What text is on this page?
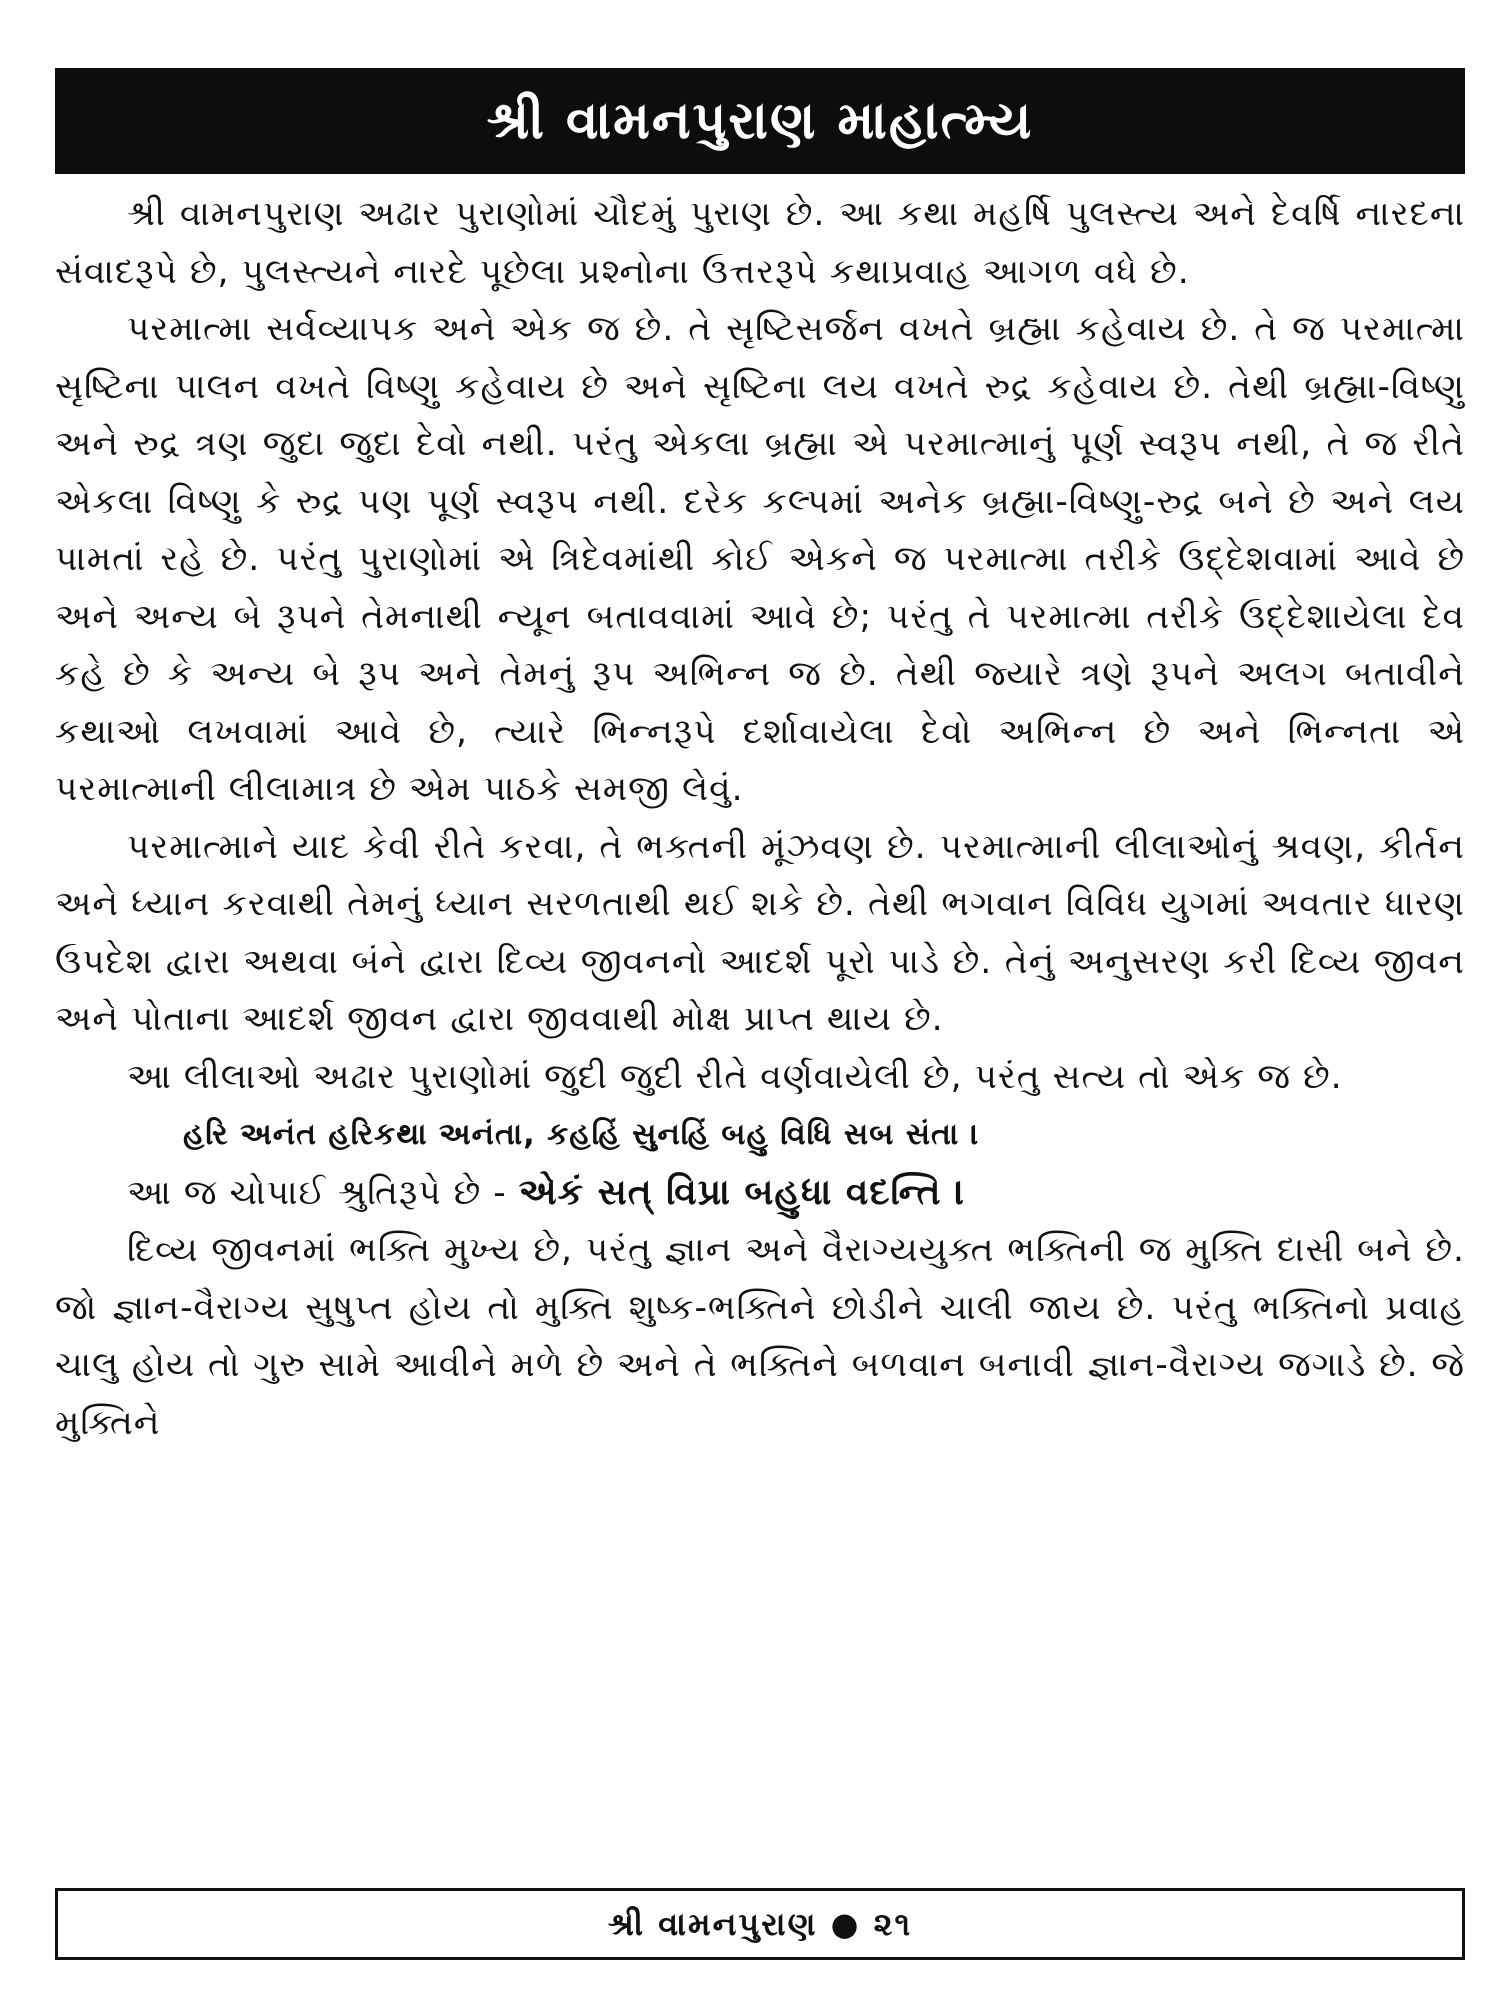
શ્રી વામનપુરાણ માહાત્મ્ય

શ્રી વામનપુરાણ અઢાર પુરાણોમાં ચૌદમું પુરાણ છે. આ કથા મહર્ષિ પુલસ્ત્ય અને દેવર્ષિ નારદના સંવાદરૂપે છે, પુલસ્ત્યને નારદે પૂછેલા પ્રશ્નોના ઉત્તરરૂપે કથાપ્રવાહ આગળ વધે છે.

પરમાત્મા સર્વવ્યાપક અને એક જ છે. તે સૃષ્ટિસર્જન વખતે બ્રહ્મા કહેવાય છે. તે જ પરમાત્મા સૃષ્ટિના પાલન વખતે વિષ્ણુ કહેવાય છે અને સૃષ્ટિના લય વખતે રુદ્ર કહેવાય છે. તેથી બ્રહ્મા-વિષ્ણુ અને રુદ્ર ત્રણ જુદા જુદા દેવો નથી. પરંતુ એકલા બ્રહ્મા એ પરમાત્માનું પૂર્ણ સ્વરૂપ નથી, તે જ રીતે એકલા વિષ્ણુ કે રુદ્ર પણ પૂર્ણ સ્વરૂપ નથી. દરેક કલ્પમાં અનેક બ્રહ્મા-વિષ્ણુ-રુદ્ર બને છે અને લય પામતાં રહે છે. પરંતુ પુરાણોમાં એ ત્રિદેવમાંથી કોઈ એકને જ પરમાત્મા તરીકે ઉદ્દેશવામાં આવે છે અને અન્ય બે રૂપને તેમનાથી ન્યૂન બતાવવામાં આવે છે; પરંતુ તે પરમાત્મા તરીકે ઉદ્દેશાયેલા દેવ કહે છે કે અન્ય બે રૂપ અને તેમનું રૂપ અભિન્ન જ છે. તેથી જ્યારે ત્રણે રૂપને અલગ બતાવીને કથાઓ લખવામાં આવે છે, ત્યારે ભિન્નરૂપે દર્શાવાયેલા દેવો અભિન્ન છે અને ભિન્નતા એ પરમાત્માની લીલામાત્ર છે એમ પાઠકે સમજી લેવું.

પરમાત્માને યાદ કેવી રીતે કરવા, તે ભક્તની મૂંઝવણ છે. પરમાત્માની લીલાઓનું શ્રવણ, કીર્તન અને ધ્યાન કરવાથી તેમનું ધ્યાન સરળતાથી થઈ શકે છે. તેથી ભગવાન વિવિધ યુગમાં અવતાર ધારણ ઉપદેશ દ્વારા અથવા બંને દ્વારા દિવ્ય જીવનનો આદર્શ પૂરો પાડે છે. તેનું અનુસરણ કરી દિવ્ય જીવન અને પોતાના આદર્શ જીવન દ્વારા જીવવાથી મોક્ષ પ્રાપ્ત થાય છે.

આ લીલાઓ અઢાર પુરાણોમાં જુદી જુદી રીતે વર્ણવાયેલી છે, પરંતુ સત્ય તો એક જ છે.

હરિ અનંત હરિકથા અનંતા, કહહિં સુનહિં બહુ વિધિ સબ સંતા ।

આ જ ચોપાઈ શ્રુતિરૂપે છે - એકં સત્ વિપ્રા બહુધા વદન્તિ ।

દિવ્ય જીવનમાં ભક્તિ મુખ્ય છે, પરંતુ જ્ઞાન અને વૈરાગ્યયુક્ત ભક્તિની જ મુક્તિ દાસી બને છે. જો જ્ઞાન-વૈરાગ્ય સુષુપ્ત હોય તો મુક્તિ શુષ્ક-ભક્તિને છોડીને ચાલી જાય છે. પરંતુ ભક્તિનો પ્રવાહ ચાલુ હોય તો ગુરુ સામે આવીને મળે છે અને તે ભક્તિને બળવાન બનાવી જ્ઞાન-વૈરાગ્ય જગાડે છે. જે મુક્તિને

શ્રી વામનપુરાણ ● ૨૧
